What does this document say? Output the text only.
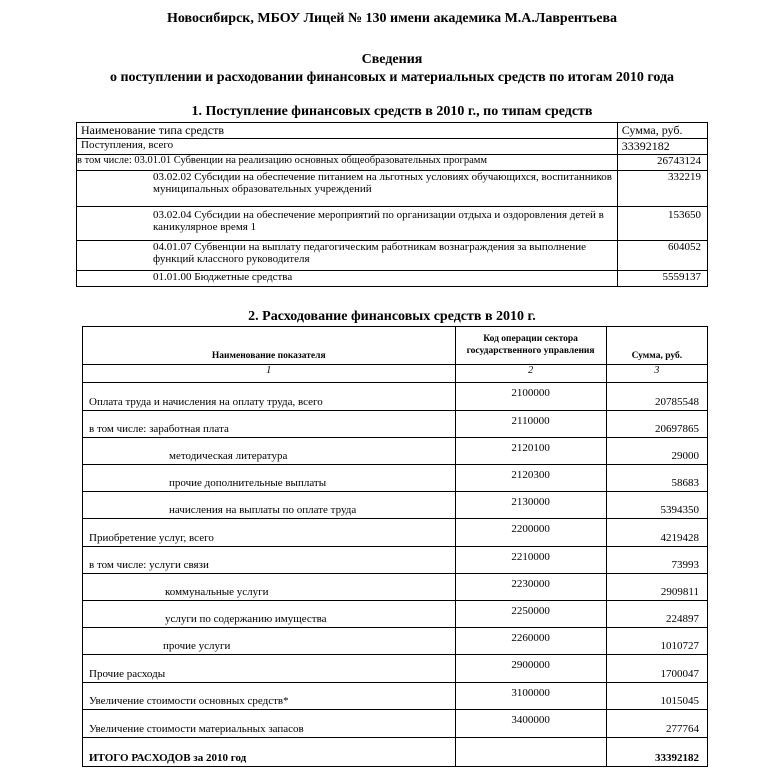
Новосибирск, МБОУ Лицей № 130 имени академика М.А.Лаврентьева
Сведения
о поступлении и расходовании финансовых и материальных средств по итогам 2010 года
1. Поступление финансовых средств в 2010 г., по типам средств
Наименование типа средств	Сумма, руб.
Поступления, всего	33392182
в том числе: 03.01.01 Субвенции на реализацию основных общеобразовательных программ	26743124
03.02.02 Субсидии на обеспечение питанием на льготных условиях обучающихся, воспитанников муниципальных образовательных учреждений	332219
03.02.04 Субсидии на обеспечение мероприятий по организации отдыха и оздоровления детей в каникулярное время 1	153650
04.01.07 Субвенции на выплату педагогическим работникам вознаграждения за выполнение функций классного руководителя	604052
01.01.00 Бюджетные средства	5559137
2. Расходование финансовых средств в 2010 г.
Наименование показателя	Код операции сектора государственного управления	Сумма, руб.
1	2	3
Оплата труда и начисления на оплату труда, всего	2100000	20785548
в том числе: заработная плата	2110000	20697865
методическая литература	2120100	29000
прочие дополнительные выплаты	2120300	58683
начисления на выплаты по оплате труда	2130000	5394350
Приобретение услуг, всего	2200000	4219428
в том числе: услуги связи	2210000	73993
коммунальные услуги	2230000	2909811
услуги по содержанию имущества	2250000	224897
прочие услуги	2260000	1010727
Прочие расходы	2900000	1700047
Увеличение стоимости основных средств*	3100000	1015045
Увеличение стоимости материальных запасов	3400000	277764
ИТОГО РАСХОДОВ за 2010 год		33392182
